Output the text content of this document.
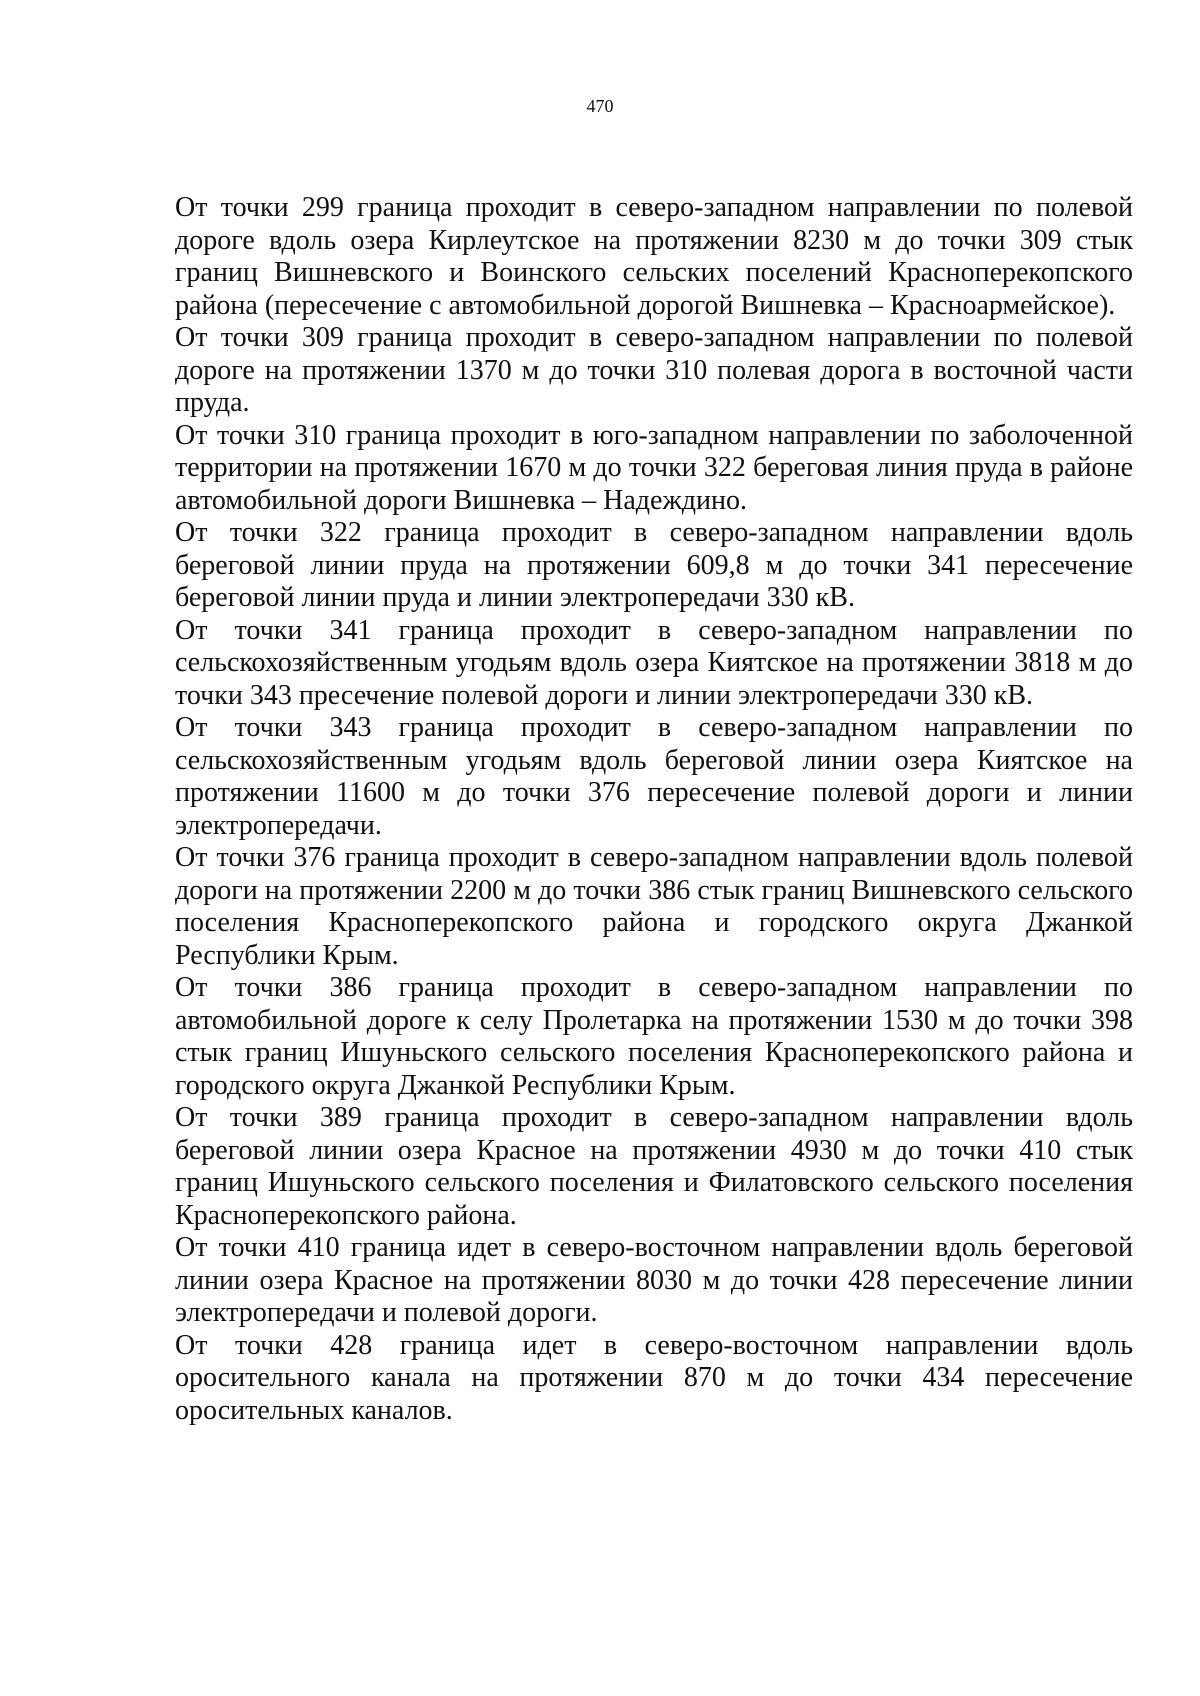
470

От точки 299 граница проходит в северо-западном направлении по полевой дороге вдоль озера Кирлеутское на протяжении 8230 м до точки 309 стык границ Вишневского и Воинского сельских поселений Красноперекопского района (пересечение с автомобильной дорогой Вишневка – Красноармейское).

От точки 309 граница проходит в северо-западном направлении по полевой дороге на протяжении 1370 м до точки 310 полевая дорога в восточной части пруда.

От точки 310 граница проходит в юго-западном направлении по заболоченной территории на протяжении 1670 м до точки 322 береговая линия пруда в районе автомобильной дороги Вишневка – Надеждино.

От точки 322 граница проходит в северо-западном направлении вдоль береговой линии пруда на протяжении 609,8 м до точки 341 пересечение береговой линии пруда и линии электропередачи 330 кВ.

От точки 341 граница проходит в северо-западном направлении по сельскохозяйственным угодьям вдоль озера Киятское на протяжении 3818 м до точки 343 пресечение полевой дороги и линии электропередачи 330 кВ.

От точки 343 граница проходит в северо-западном направлении по сельскохозяйственным угодьям вдоль береговой линии озера Киятское на протяжении 11600 м до точки 376 пересечение полевой дороги и линии электропередачи.

От точки 376 граница проходит в северо-западном направлении вдоль полевой дороги на протяжении 2200 м до точки 386 стык границ Вишневского сельского поселения Красноперекопского района и городского округа Джанкой Республики Крым.

От точки 386 граница проходит в северо-западном направлении по автомобильной дороге к селу Пролетарка на протяжении 1530 м до точки 398 стык границ Ишуньского сельского поселения Красноперекопского района и городского округа Джанкой Республики Крым.

От точки 389 граница проходит в северо-западном направлении вдоль береговой линии озера Красное на протяжении 4930 м до точки 410 стык границ Ишуньского сельского поселения и Филатовского сельского поселения Красноперекопского района.

От точки 410 граница идет в северо-восточном направлении вдоль береговой линии озера Красное на протяжении 8030 м до точки 428 пересечение линии электропередачи и полевой дороги.

От точки 428 граница идет в северо-восточном направлении вдоль оросительного канала на протяжении 870 м до точки 434 пересечение оросительных каналов.
